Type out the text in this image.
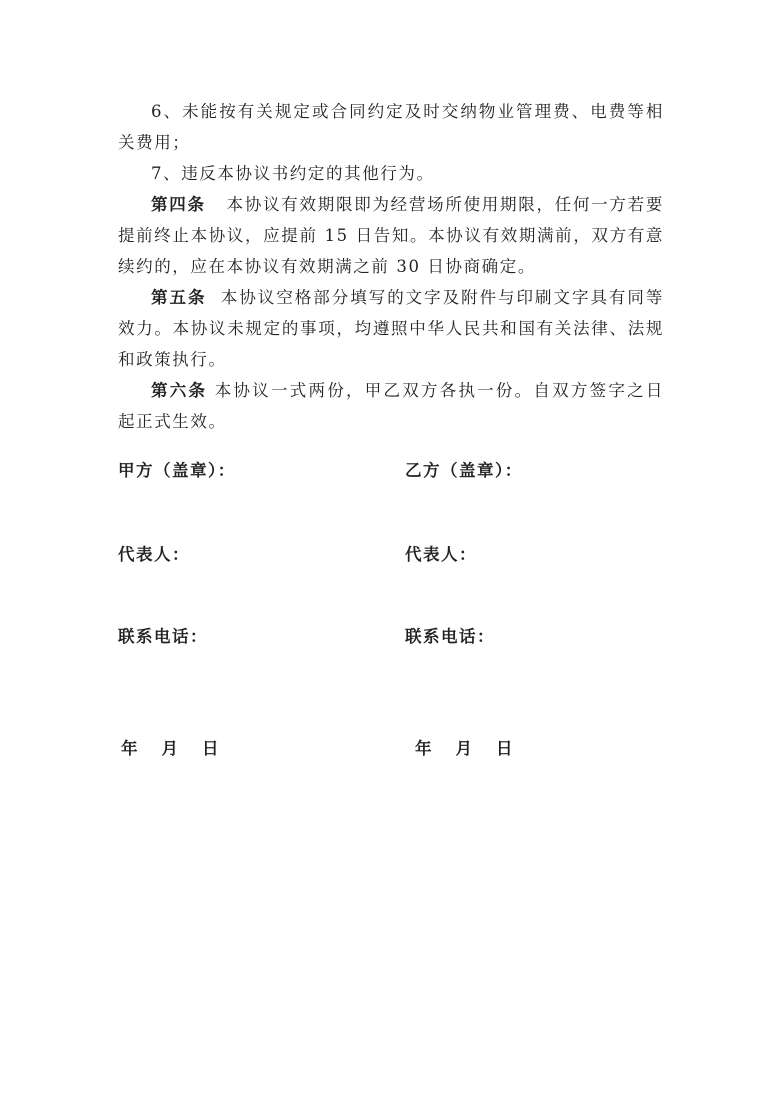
6、未能按有关规定或合同约定及时交纳物业管理费、电费等相关费用；

7、违反本协议书约定的其他行为。

第四条 本协议有效期限即为经营场所使用期限，任何一方若要提前终止本协议，应提前 15 日告知。本协议有效期满前，双方有意续约的，应在本协议有效期满之前 30 日协商确定。

第五条 本协议空格部分填写的文字及附件与印刷文字具有同等效力。本协议未规定的事项，均遵照中华人民共和国有关法律、法规和政策执行。

第六条 本协议一式两份，甲乙双方各执一份。自双方签字之日起正式生效。

甲方（盖章）：	乙方（盖章）：
代表人：	代表人：
联系电话：	联系电话：
年 月 日	年 月 日
